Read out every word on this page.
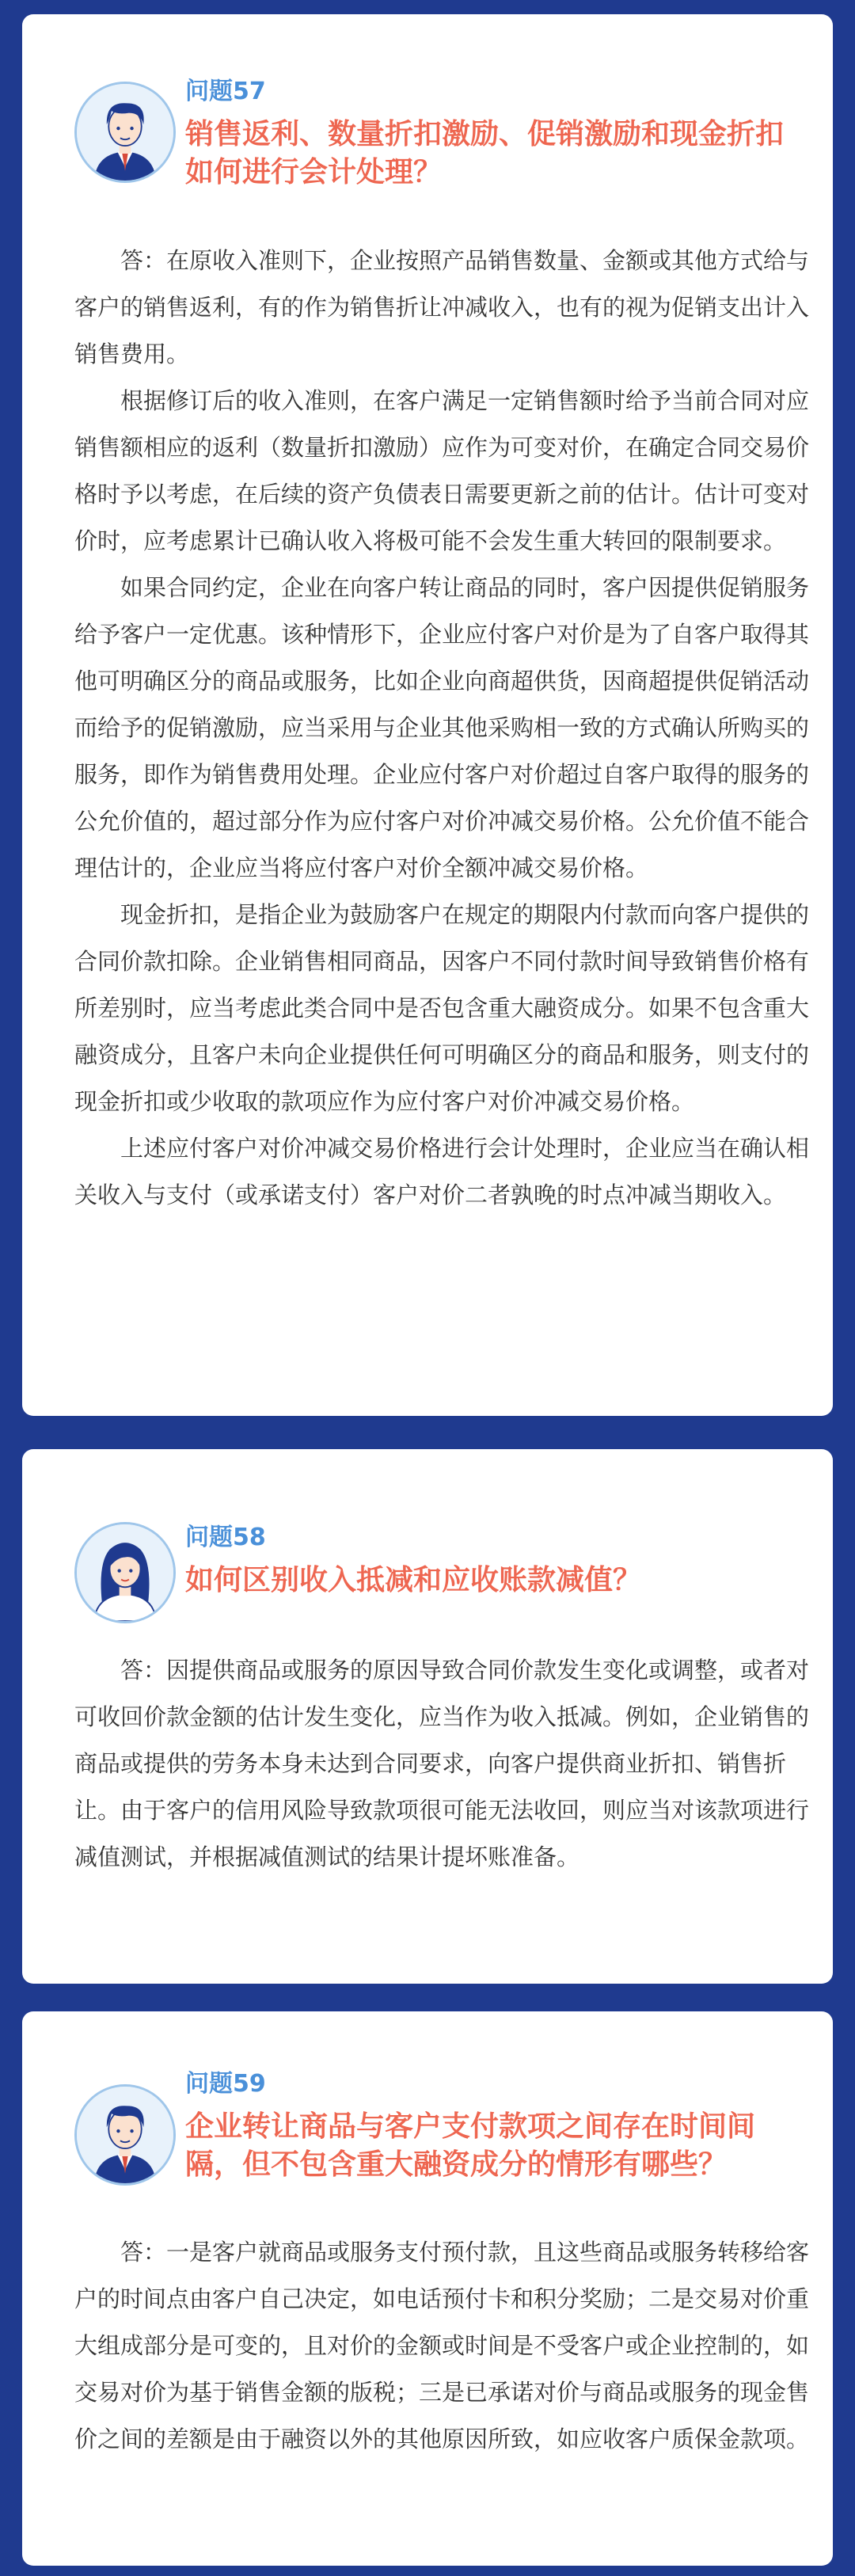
问题57
销售返利、数量折扣激励、促销激励和现金折扣如何进行会计处理？

答：在原收入准则下，企业按照产品销售数量、金额或其他方式给与客户的销售返利，有的作为销售折让冲减收入，也有的视为促销支出计入销售费用。

根据修订后的收入准则，在客户满足一定销售额时给予当前合同对应销售额相应的返利（数量折扣激励）应作为可变对价，在确定合同交易价格时予以考虑，在后续的资产负债表日需要更新之前的估计。估计可变对价时，应考虑累计已确认收入将极可能不会发生重大转回的限制要求。

如果合同约定，企业在向客户转让商品的同时，客户因提供促销服务给予客户一定优惠。该种情形下，企业应付客户对价是为了自客户取得其他可明确区分的商品或服务，比如企业向商超供货，因商超提供促销活动而给予的促销激励，应当采用与企业其他采购相一致的方式确认所购买的服务，即作为销售费用处理。企业应付客户对价超过自客户取得的服务的公允价值的，超过部分作为应付客户对价冲减交易价格。公允价值不能合理估计的，企业应当将应付客户对价全额冲减交易价格。

现金折扣，是指企业为鼓励客户在规定的期限内付款而向客户提供的合同价款扣除。企业销售相同商品，因客户不同付款时间导致销售价格有所差别时，应当考虑此类合同中是否包含重大融资成分。如果不包含重大融资成分，且客户未向企业提供任何可明确区分的商品和服务，则支付的现金折扣或少收取的款项应作为应付客户对价冲减交易价格。

上述应付客户对价冲减交易价格进行会计处理时，企业应当在确认相关收入与支付（或承诺支付）客户对价二者孰晚的时点冲减当期收入。

问题58
如何区别收入抵减和应收账款减值？

答：因提供商品或服务的原因导致合同价款发生变化或调整，或者对可收回价款金额的估计发生变化，应当作为收入抵减。例如，企业销售的商品或提供的劳务本身未达到合同要求，向客户提供商业折扣、销售折让。由于客户的信用风险导致款项很可能无法收回，则应当对该款项进行减值测试，并根据减值测试的结果计提坏账准备。

问题59
企业转让商品与客户支付款项之间存在时间间隔，但不包含重大融资成分的情形有哪些？

答：一是客户就商品或服务支付预付款，且这些商品或服务转移给客户的时间点由客户自己决定，如电话预付卡和积分奖励；二是交易对价重大组成部分是可变的，且对价的金额或时间是不受客户或企业控制的，如交易对价为基于销售金额的版税；三是已承诺对价与商品或服务的现金售价之间的差额是由于融资以外的其他原因所致，如应收客户质保金款项。
